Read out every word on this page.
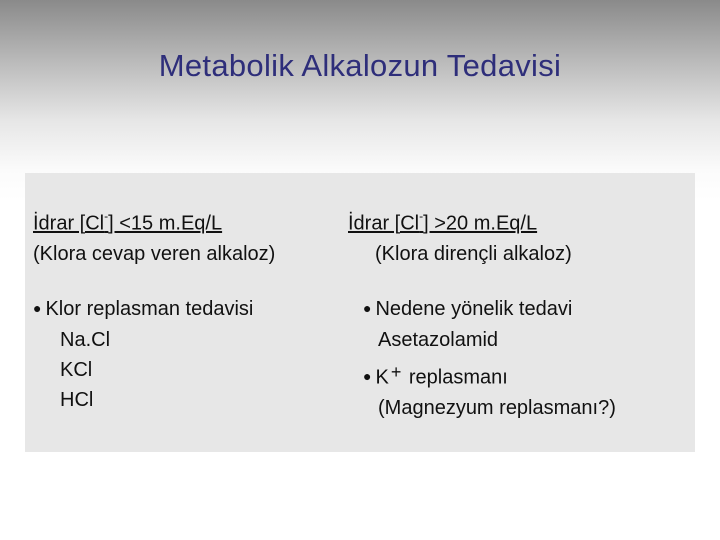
Metabolik Alkalozun Tedavisi
İdrar [Cl-] <15 m.Eq/L
(Klora cevap veren alkaloz)
● Klor replasman tedavisi
Na.Cl
KCl
HCl
İdrar [Cl-] >20 m.Eq/L
(Klora dirençli alkaloz)
● Nedene yönelik tedavi
Asetazolamid
● K + replasmanı
(Magnezyum replasmanı?)
